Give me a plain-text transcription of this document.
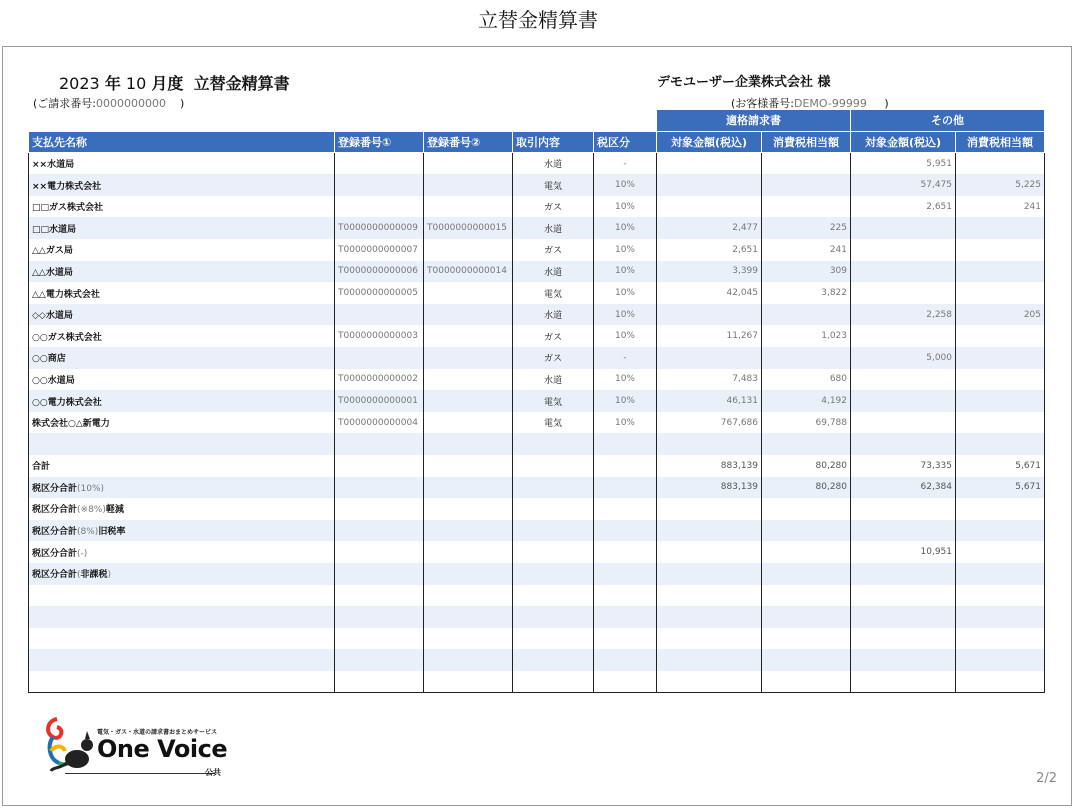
立替金精算書
2023 年 10 月度 立替金精算書
(ご請求番号:0000000000 )
デモユーザー企業株式会社 様
(お客様番号:DEMO-99999 )
					適格請求書		その他	
支払先名称	登録番号①	登録番号②	取引内容	税区分	対象金額(税込)	消費税相当額	対象金額(税込)	消費税相当額
××水道局			水道	-			5,951	
××電力株式会社			電気	10%			57,475	5,225
□□ガス株式会社			ガス	10%			2,651	241
□□水道局	T0000000000009	T0000000000015	水道	10%	2,477	225		
△△ガス局	T0000000000007		ガス	10%	2,651	241		
△△水道局	T0000000000006	T0000000000014	水道	10%	3,399	309		
△△電力株式会社	T0000000000005		電気	10%	42,045	3,822		
◇◇水道局			水道	10%			2,258	205
○○ガス株式会社	T0000000000003		ガス	10%	11,267	1,023		
○○商店			ガス	-			5,000	
○○水道局	T0000000000002		水道	10%	7,483	680		
○○電力株式会社	T0000000000001		電気	10%	46,131	4,192		
株式会社○△新電力	T0000000000004		電気	10%	767,686	69,788		

合計					883,139	80,280	73,335	5,671
税区分合計(10%)					883,139	80,280	62,384	5,671
税区分合計(※8%)軽減								
税区分合計(8%)旧税率								
税区分合計(-)							10,951	
税区分合計(非課税)								

電気・ガス・水道の請求書おまとめサービス
One Voice
公共	2/2
